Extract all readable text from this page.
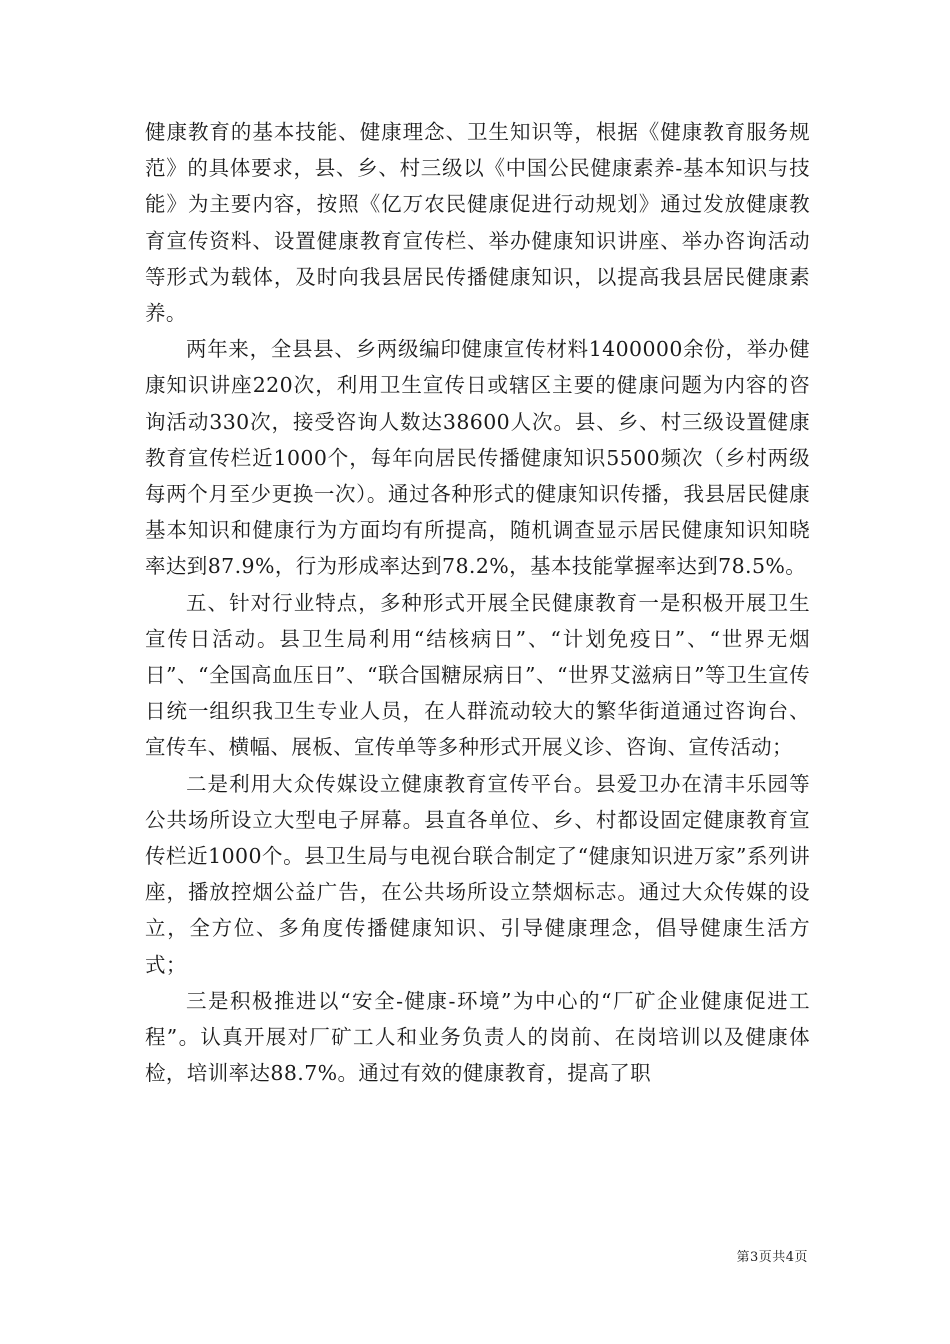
健康教育的基本技能、健康理念、卫生知识等，根据《健康教育服务规范》的具体要求，县、乡、村三级以《中国公民健康素养-基本知识与技能》为主要内容，按照《亿万农民健康促进行动规划》通过发放健康教育宣传资料、设置健康教育宣传栏、举办健康知识讲座、举办咨询活动等形式为载体，及时向我县居民传播健康知识，以提高我县居民健康素养。

两年来，全县县、乡两级编印健康宣传材料1400000余份，举办健康知识讲座220次，利用卫生宣传日或辖区主要的健康问题为内容的咨询活动330次，接受咨询人数达38600人次。县、乡、村三级设置健康教育宣传栏近1000个，每年向居民传播健康知识5500频次（乡村两级每两个月至少更换一次）。通过各种形式的健康知识传播，我县居民健康基本知识和健康行为方面均有所提高，随机调查显示居民健康知识知晓率达到87.9%，行为形成率达到78.2%，基本技能掌握率达到78.5%。

五、针对行业特点，多种形式开展全民健康教育一是积极开展卫生宣传日活动。县卫生局利用“结核病日”、“计划免疫日”、“世界无烟日”、“全国高血压日”、“联合国糖尿病日”、“世界艾滋病日”等卫生宣传日统一组织我卫生专业人员，在人群流动较大的繁华街道通过咨询台、宣传车、横幅、展板、宣传单等多种形式开展义诊、咨询、宣传活动；

二是利用大众传媒设立健康教育宣传平台。县爱卫办在清丰乐园等公共场所设立大型电子屏幕。县直各单位、乡、村都设固定健康教育宣传栏近1000个。县卫生局与电视台联合制定了“健康知识进万家”系列讲座，播放控烟公益广告，在公共场所设立禁烟标志。通过大众传媒的设立，全方位、多角度传播健康知识、引导健康理念，倡导健康生活方式；

三是积极推进以“安全-健康-环境”为中心的“厂矿企业健康促进工程”。认真开展对厂矿工人和业务负责人的岗前、在岗培训以及健康体检，培训率达88.7%。通过有效的健康教育，提高了职

第3页共4页
